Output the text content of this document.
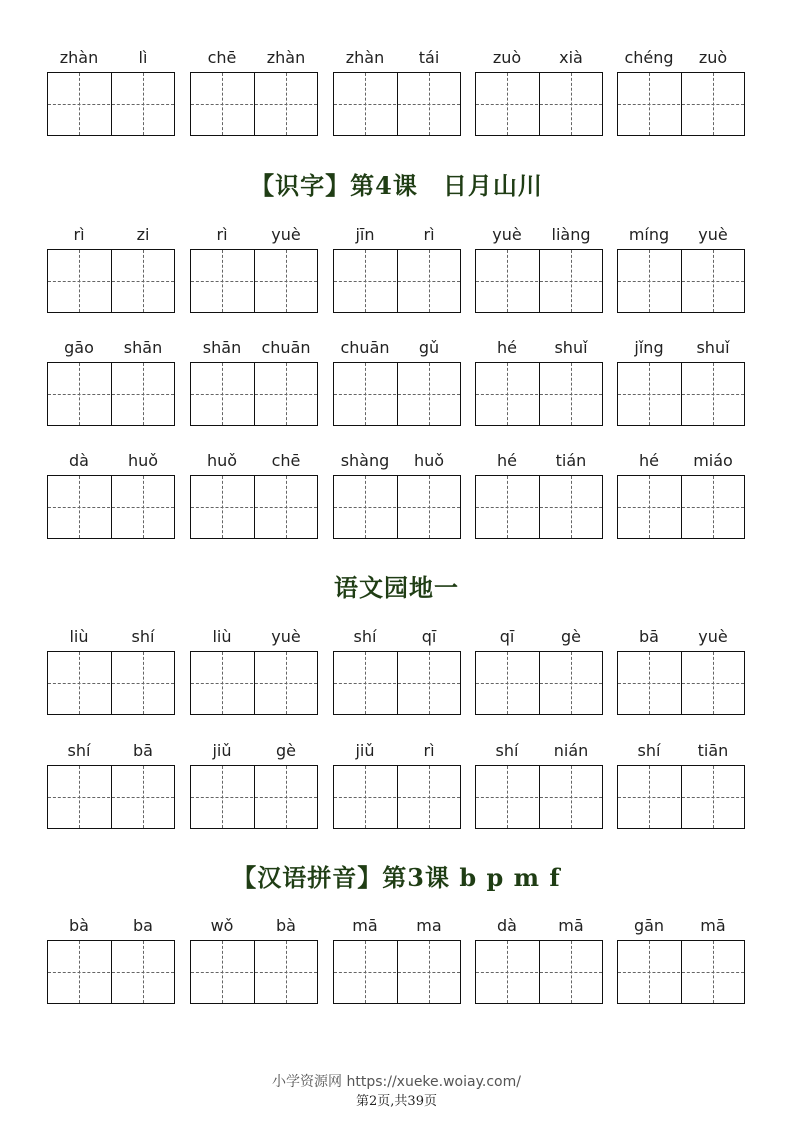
zhàn	lì	chē	zhàn	zhàn	tái	zuò	xià	chéng	zuò
【识字】第4课　日月山川
rì	zi	rì	yuè	jīn	rì	yuè	liàng	míng	yuè
gāo	shān	shān	chuān	chuān	gǔ	hé	shuǐ	jǐng	shuǐ
dà	huǒ	huǒ	chē	shàng	huǒ	hé	tián	hé	miáo
语文园地一
liù	shí	liù	yuè	shí	qī	qī	gè	bā	yuè
shí	bā	jiǔ	gè	jiǔ	rì	shí	nián	shí	tiān
【汉语拼音】第3课 b p m f
bà	ba	wǒ	bà	mā	ma	dà	mā	gān	mā
小学资源网 https://xueke.woiay.com/
第2页,共39页
